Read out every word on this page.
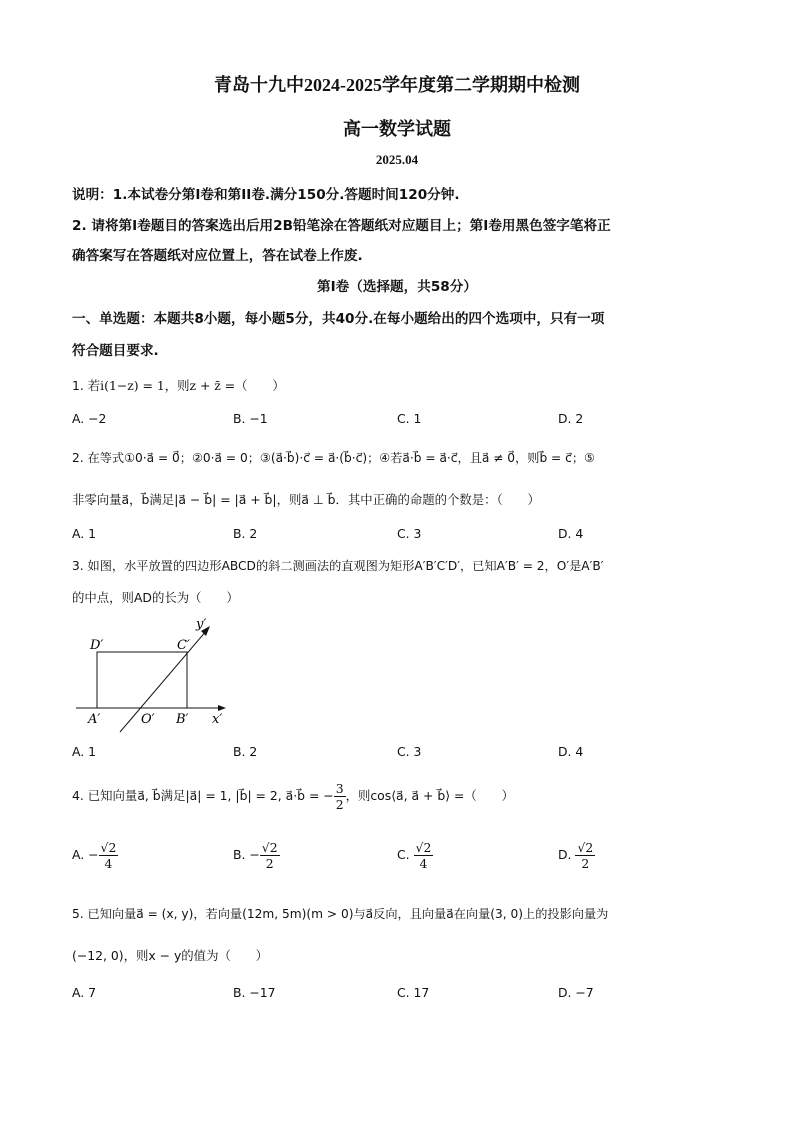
青岛十九中2024-2025学年度第二学期期中检测
高一数学试题
2025.04
说明：1.本试卷分第I卷和第II卷.满分150分.答题时间120分钟.
2. 请将第I卷题目的答案选出后用2B铅笔涂在答题纸对应题目上；第I卷用黑色签字笔将正
确答案写在答题纸对应位置上，答在试卷上作废.
第I卷（选择题，共58分）
一、单选题：本题共8小题，每小题5分，共40分.在每小题给出的四个选项中，只有一项
符合题目要求.
1. 若i(1−z) = 1，则z + z̄ =（　　）
A. −2	B. −1	C. 1	D. 2
2. 在等式①0·a⃗ = 0⃗；②0·a⃗ = 0；③(a⃗·b⃗)·c⃗ = a⃗·(b⃗·c⃗)；④若a⃗·b⃗ = a⃗·c⃗，且a⃗ ≠ 0⃗，则b⃗ = c⃗；⑤
非零向量a⃗，b⃗满足|a⃗ − b⃗| = |a⃗ + b⃗|，则a⃗ ⊥ b⃗．其中正确的命题的个数是：（　　）
A. 1	B. 2	C. 3	D. 4
3. 如图，水平放置的四边形ABCD的斜二测画法的直观图为矩形A′B′C′D′，已知A′B′ = 2，O′是A′B′
的中点，则AD的长为（　　）
D′	C′
A′	O′ B′ x′
y′
A. 1	B. 2	C. 3	D. 4
4. 已知向量a⃗, b⃗满足|a⃗| = 1, |b⃗| = 2, a⃗·b⃗ = − $\frac{3}{2}$ ，则cos⟨a⃗, a⃗ + b⃗⟩ =（　　）
A. − $\frac{√2}{4}$	B. − $\frac{√2}{2}$	C. $\frac{√2}{4}$	D. $\frac{√2}{2}$
5. 已知向量a⃗ = (x, y)，若向量(12m, 5m)(m > 0)与a⃗反向，且向量a⃗在向量(3, 0)上的投影向量为
(−12, 0)，则x − y的值为（　　）
A. 7	B. −17	C. 17	D. −7
